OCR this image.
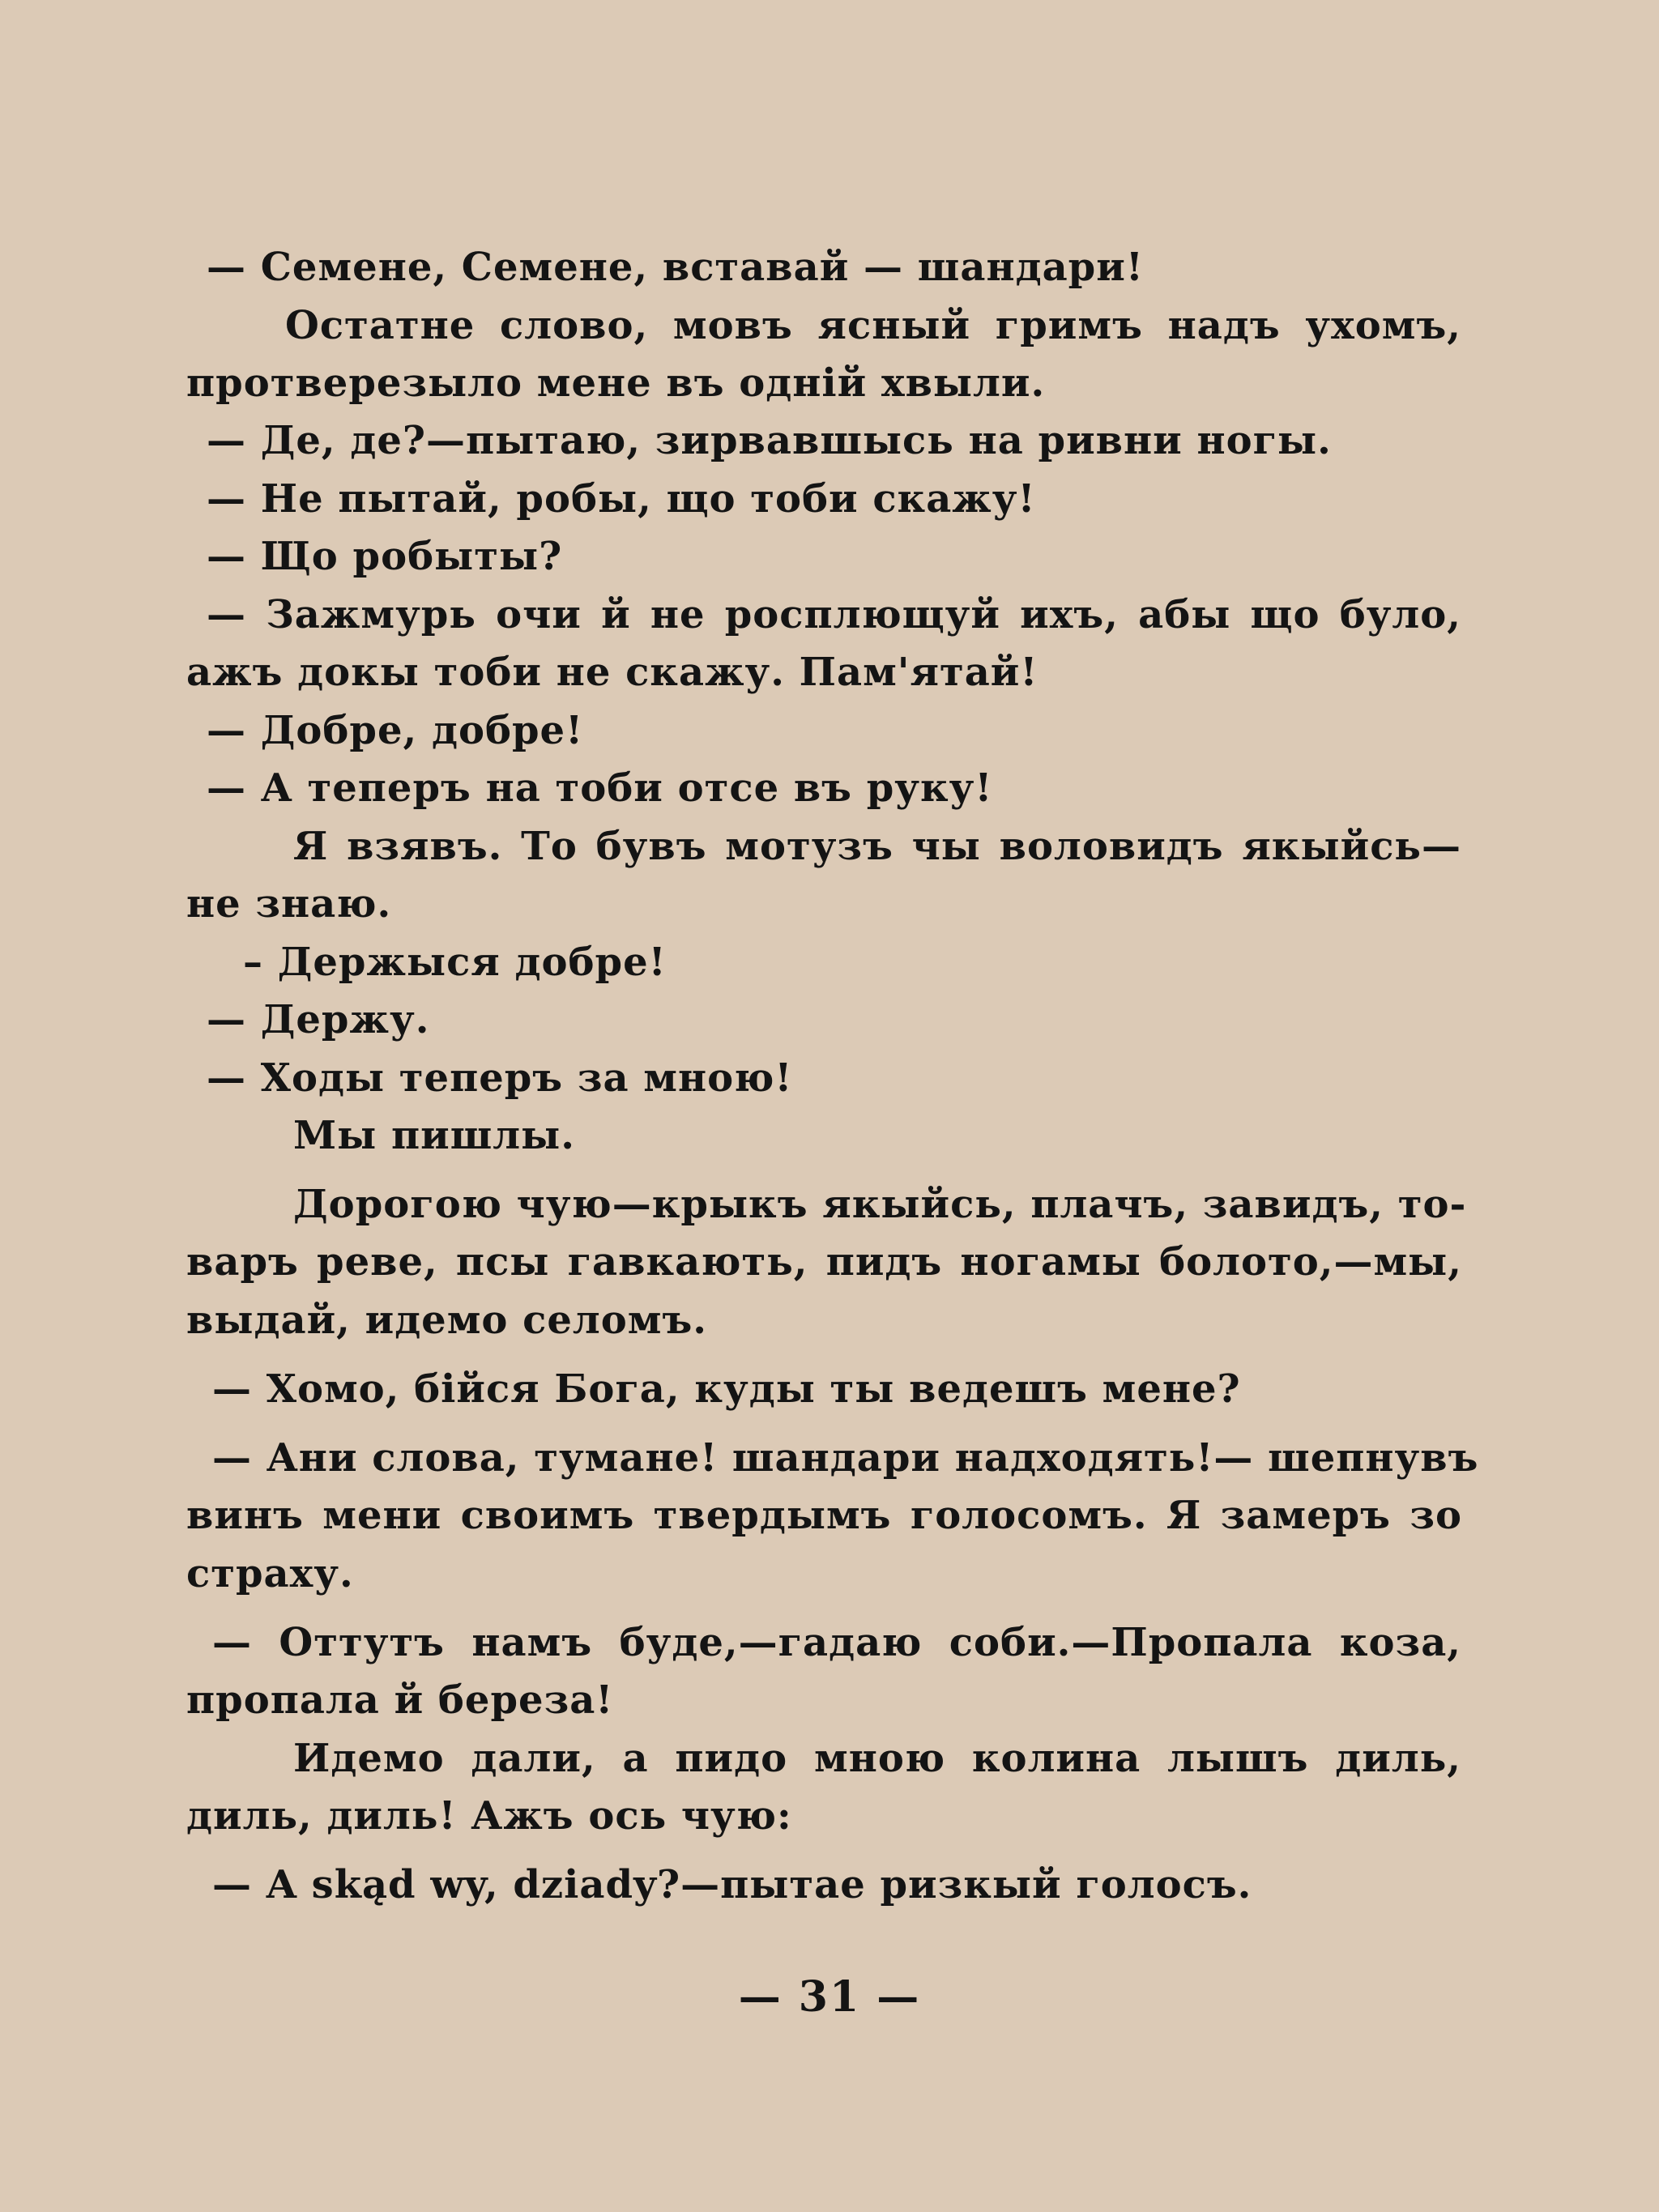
— Семене, Семене, вставай — шандари!
Остатне слово, мовъ ясный гримъ надъ ухомъ,
протверезыло мене въ одній хвыли.
— Де, де?—пытаю, зирвавшысь на ривни ногы.
— Не пытай, робы, що тоби скажу!
— Що робыты?
— Зажмурь очи й не росплющуй ихъ, абы що було,
ажъ докы тоби не скажу. Пам'ятай!
— Добре, добре!
— А теперъ на тоби отсе въ руку!
Я взявъ. То бувъ мотузъ чы воловидъ якыйсь—
не знаю.
– Держыся добре!
— Держу.
— Ходы теперъ за мною!
Мы пишлы.
Дорогою чую—крыкъ якыйсь, плачъ, завидъ, то-
варъ реве, псы гавкають, пидъ ногамы болото,—мы,
выдай, идемо селомъ.
— Хомо, бійся Бога, куды ты ведешъ мене?
— Ани слова, тумане! шандари надходять!— шепнувъ
винъ мени своимъ твердымъ голосомъ. Я замеръ зо
страху.
— Оттутъ намъ буде,—гадаю соби.—Пропала коза,
пропала й береза!
Идемо дали, а пидо мною колина лышъ диль,
диль, диль! Ажъ ось чую:
— A skąd wy, dziady?—пытае ризкый голосъ.
— 31 —
